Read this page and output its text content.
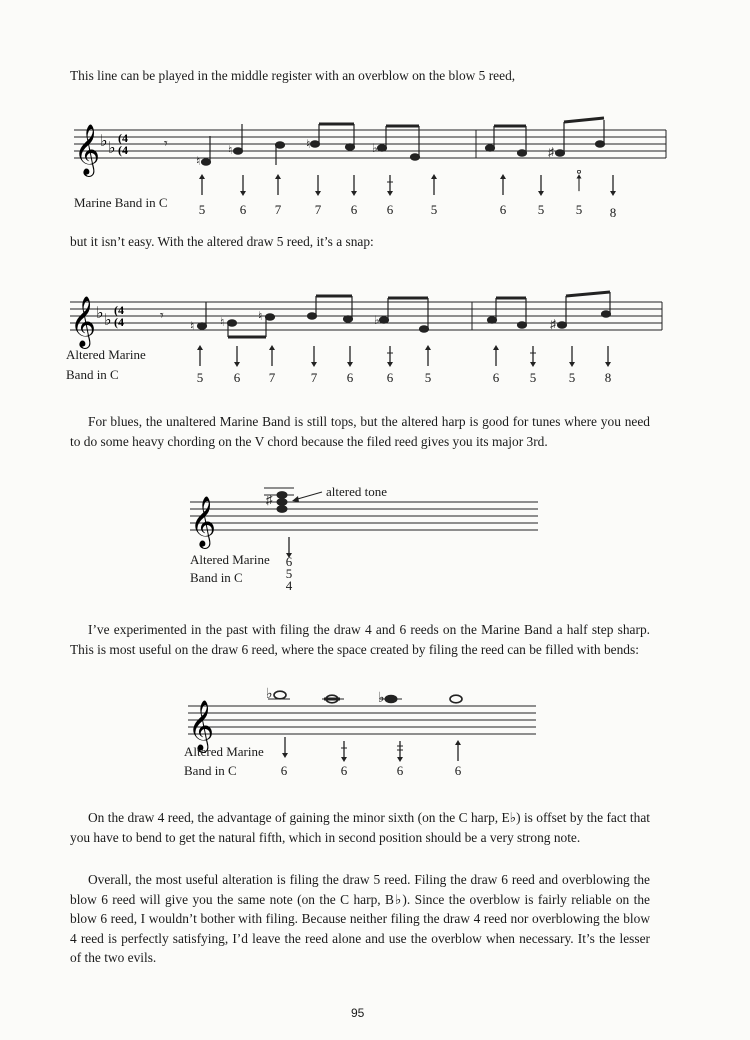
This line can be played in the middle register with an overblow on the blow 5 reed,
𝄞 ♭ ♭
(4
(4	𝄾
♮
♮	♮	♭	♯
Marine Band in C	5	6	7	7	6	6	5	6	5	5	8
but it isn’t easy. With the altered draw 5 reed, it’s a snap:
𝄞 ♭ ♭
(4
(4	𝄾
♮ ♮	♮	♭	♯
Altered Marine
Band in C	5	6	7	7	6	6	5	6	5	5	8

For blues, the unaltered Marine Band is still tops, but the altered harp is good for tunes where you need to do some heavy chording on the V chord because the filed reed gives you its major 3rd.

𝄞	♯
altered tone
Altered Marine
Band in C
6
5
4

I’ve experimented in the past with filing the draw 4 and 6 reeds on the Marine Band a half step sharp. This is most useful on the draw 6 reed, where the space created by filing the reed can be filled with bends:

𝄞
♭	♭
Altered Marine
Band in C	6	6	6	6

On the draw 4 reed, the advantage of gaining the minor sixth (on the C harp, E♭) is offset by the fact that you have to bend to get the natural fifth, which in second position should be a very strong note.

Overall, the most useful alteration is filing the draw 5 reed. Filing the draw 6 reed and overblowing the blow 6 reed will give you the same note (on the C harp, B♭). Since the overblow is fairly reliable on the blow 6 reed, I wouldn’t bother with filing. Because neither filing the draw 4 reed nor overblowing the blow 4 reed is perfectly satisfying, I’d leave the reed alone and use the overblow when necessary. It’s the lesser of the two evils.

95
